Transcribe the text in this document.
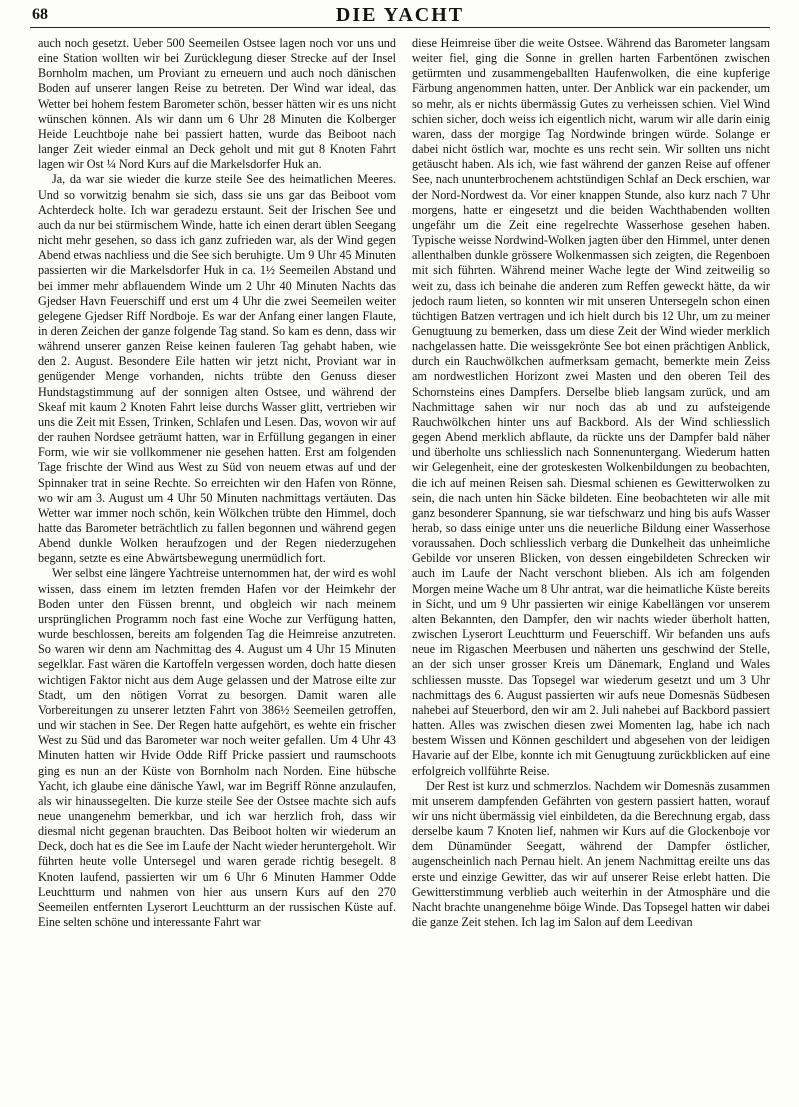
68	DIE YACHT

auch noch gesetzt. Ueber 500 Seemeilen Ostsee lagen noch vor uns und eine Station wollten wir bei Zurücklegung dieser Strecke auf der Insel Bornholm machen, um Proviant zu erneuern und auch noch dänischen Boden auf unserer langen Reise zu betreten. Der Wind war ideal, das Wetter bei hohem festem Barometer schön, besser hätten wir es uns nicht wünschen können. Als wir dann um 6 Uhr 28 Minuten die Kolberger Heide Leuchtboje nahe bei passiert hatten, wurde das Beiboot nach langer Zeit wieder einmal an Deck geholt und mit gut 8 Knoten Fahrt lagen wir Ost ¼ Nord Kurs auf die Markelsdorfer Huk an.

Ja, da war sie wieder die kurze steile See des heimatlichen Meeres. Und so vorwitzig benahm sie sich, dass sie uns gar das Beiboot vom Achterdeck holte. Ich war geradezu erstaunt. Seit der Irischen See und auch da nur bei stürmischem Winde, hatte ich einen derart üblen Seegang nicht mehr gesehen, so dass ich ganz zufrieden war, als der Wind gegen Abend etwas nachliess und die See sich beruhigte. Um 9 Uhr 45 Minuten passierten wir die Markelsdorfer Huk in ca. 1½ Seemeilen Abstand und bei immer mehr abflauendem Winde um 2 Uhr 40 Minuten Nachts das Gjedser Havn Feuerschiff und erst um 4 Uhr die zwei Seemeilen weiter gelegene Gjedser Riff Nordboje. Es war der Anfang einer langen Flaute, in deren Zeichen der ganze folgende Tag stand. So kam es denn, dass wir während unserer ganzen Reise keinen fauleren Tag gehabt haben, wie den 2. August. Besondere Eile hatten wir jetzt nicht, Proviant war in genügender Menge vorhanden, nichts trübte den Genuss dieser Hundstagstimmung auf der sonnigen alten Ostsee, und während der Skeaf mit kaum 2 Knoten Fahrt leise durchs Wasser glitt, vertrieben wir uns die Zeit mit Essen, Trinken, Schlafen und Lesen. Das, wovon wir auf der rauhen Nordsee geträumt hatten, war in Erfüllung gegangen in einer Form, wie wir sie vollkommener nie gesehen hatten. Erst am folgenden Tage frischte der Wind aus West zu Süd von neuem etwas auf und der Spinnaker trat in seine Rechte. So erreichten wir den Hafen von Rönne, wo wir am 3. August um 4 Uhr 50 Minuten nachmittags vertäuten. Das Wetter war immer noch schön, kein Wölkchen trübte den Himmel, doch hatte das Barometer beträchtlich zu fallen begonnen und während gegen Abend dunkle Wolken heraufzogen und der Regen niederzugehen begann, setzte es eine Abwärtsbewegung unermüdlich fort.

Wer selbst eine längere Yachtreise unternommen hat, der wird es wohl wissen, dass einem im letzten fremden Hafen vor der Heimkehr der Boden unter den Füssen brennt, und obgleich wir nach meinem ursprünglichen Programm noch fast eine Woche zur Verfügung hatten, wurde beschlossen, bereits am folgenden Tag die Heimreise anzutreten. So waren wir denn am Nachmittag des 4. August um 4 Uhr 15 Minuten segelklar. Fast wären die Kartoffeln vergessen worden, doch hatte diesen wichtigen Faktor nicht aus dem Auge gelassen und der Matrose eilte zur Stadt, um den nötigen Vorrat zu besorgen. Damit waren alle Vorbereitungen zu unserer letzten Fahrt von 386½ Seemeilen getroffen, und wir stachen in See. Der Regen hatte aufgehört, es wehte ein frischer West zu Süd und das Barometer war noch weiter gefallen. Um 4 Uhr 43 Minuten hatten wir Hvide Odde Riff Pricke passiert und raumschoots ging es nun an der Küste von Bornholm nach Norden. Eine hübsche Yacht, ich glaube eine dänische Yawl, war im Begriff Rönne anzulaufen, als wir hinaussegelten. Die kurze steile See der Ostsee machte sich aufs neue unangenehm bemerkbar, und ich war herzlich froh, dass wir diesmal nicht gegenan brauchten. Das Beiboot holten wir wiederum an Deck, doch hat es die See im Laufe der Nacht wieder heruntergeholt. Wir führten heute volle Untersegel und waren gerade richtig besegelt. 8 Knoten laufend, passierten wir um 6 Uhr 6 Minuten Hammer Odde Leuchtturm und nahmen von hier aus unsern Kurs auf den 270 Seemeilen entfernten Lyserort Leuchtturm an der russischen Küste auf. Eine selten schöne und interessante Fahrt war

diese Heimreise über die weite Ostsee. Während das Barometer langsam weiter fiel, ging die Sonne in grellen harten Farbentönen zwischen getürmten und zusammengeballten Haufenwolken, die eine kupferige Färbung angenommen hatten, unter. Der Anblick war ein packender, um so mehr, als er nichts übermässig Gutes zu verheissen schien. Viel Wind schien sicher, doch weiss ich eigentlich nicht, warum wir alle darin einig waren, dass der morgige Tag Nordwinde bringen würde. Solange er dabei nicht östlich war, mochte es uns recht sein. Wir sollten uns nicht getäuscht haben. Als ich, wie fast während der ganzen Reise auf offener See, nach ununterbrochenem achtstündigen Schlaf an Deck erschien, war der Nord-Nordwest da. Vor einer knappen Stunde, also kurz nach 7 Uhr morgens, hatte er eingesetzt und die beiden Wachthabenden wollten ungefähr um die Zeit eine regelrechte Wasserhose gesehen haben. Typische weisse Nordwind-Wolken jagten über den Himmel, unter denen allenthalben dunkle grössere Wolkenmassen sich zeigten, die Regenboen mit sich führten. Während meiner Wache legte der Wind zeitweilig so weit zu, dass ich beinahe die anderen zum Reffen geweckt hätte, da wir jedoch raum lieten, so konnten wir mit unseren Untersegeln schon einen tüchtigen Batzen vertragen und ich hielt durch bis 12 Uhr, um zu meiner Genugtuung zu bemerken, dass um diese Zeit der Wind wieder merklich nachgelassen hatte. Die weissgekrönte See bot einen prächtigen Anblick, durch ein Rauchwölkchen aufmerksam gemacht, bemerkte mein Zeiss am nordwestlichen Horizont zwei Masten und den oberen Teil des Schornsteins eines Dampfers. Derselbe blieb langsam zurück, und am Nachmittage sahen wir nur noch das ab und zu aufsteigende Rauchwölkchen hinter uns auf Backbord. Als der Wind schliesslich gegen Abend merklich abflaute, da rückte uns der Dampfer bald näher und überholte uns schliesslich nach Sonnenuntergang. Wiederum hatten wir Gelegenheit, eine der groteskesten Wolkenbildungen zu beobachten, die ich auf meinen Reisen sah. Diesmal schienen es Gewitterwolken zu sein, die nach unten hin Säcke bildeten. Eine beobachteten wir alle mit ganz besonderer Spannung, sie war tiefschwarz und hing bis aufs Wasser herab, so dass einige unter uns die neuerliche Bildung einer Wasserhose voraussahen. Doch schliesslich verbarg die Dunkelheit das unheimliche Gebilde vor unseren Blicken, von dessen eingebildeten Schrecken wir auch im Laufe der Nacht verschont blieben. Als ich am folgenden Morgen meine Wache um 8 Uhr antrat, war die heimatliche Küste bereits in Sicht, und um 9 Uhr passierten wir einige Kabellängen vor unserem alten Bekannten, den Dampfer, den wir nachts wieder überholt hatten, zwischen Lyserort Leuchtturm und Feuerschiff. Wir befanden uns aufs neue im Rigaschen Meerbusen und näherten uns geschwind der Stelle, an der sich unser grosser Kreis um Dänemark, England und Wales schliessen musste. Das Topsegel war wiederum gesetzt und um 3 Uhr nachmittags des 6. August passierten wir aufs neue Domesnäs Südbesen nahebei auf Steuerbord, den wir am 2. Juli nahebei auf Backbord passiert hatten. Alles was zwischen diesen zwei Momenten lag, habe ich nach bestem Wissen und Können geschildert und abgesehen von der leidigen Havarie auf der Elbe, konnte ich mit Genugtuung zurückblicken auf eine erfolgreich vollführte Reise.

Der Rest ist kurz und schmerzlos. Nachdem wir Domesnäs zusammen mit unserem dampfenden Gefährten von gestern passiert hatten, worauf wir uns nicht übermässig viel einbildeten, da die Berechnung ergab, dass derselbe kaum 7 Knoten lief, nahmen wir Kurs auf die Glockenboje vor dem Dünamünder Seegatt, während der Dampfer östlicher, augenscheinlich nach Pernau hielt. An jenem Nachmittag ereilte uns das erste und einzige Gewitter, das wir auf unserer Reise erlebt hatten. Die Gewitterstimmung verblieb auch weiterhin in der Atmosphäre und die Nacht brachte unangenehme böige Winde. Das Topsegel hatten wir dabei die ganze Zeit stehen. Ich lag im Salon auf dem Leedivan
